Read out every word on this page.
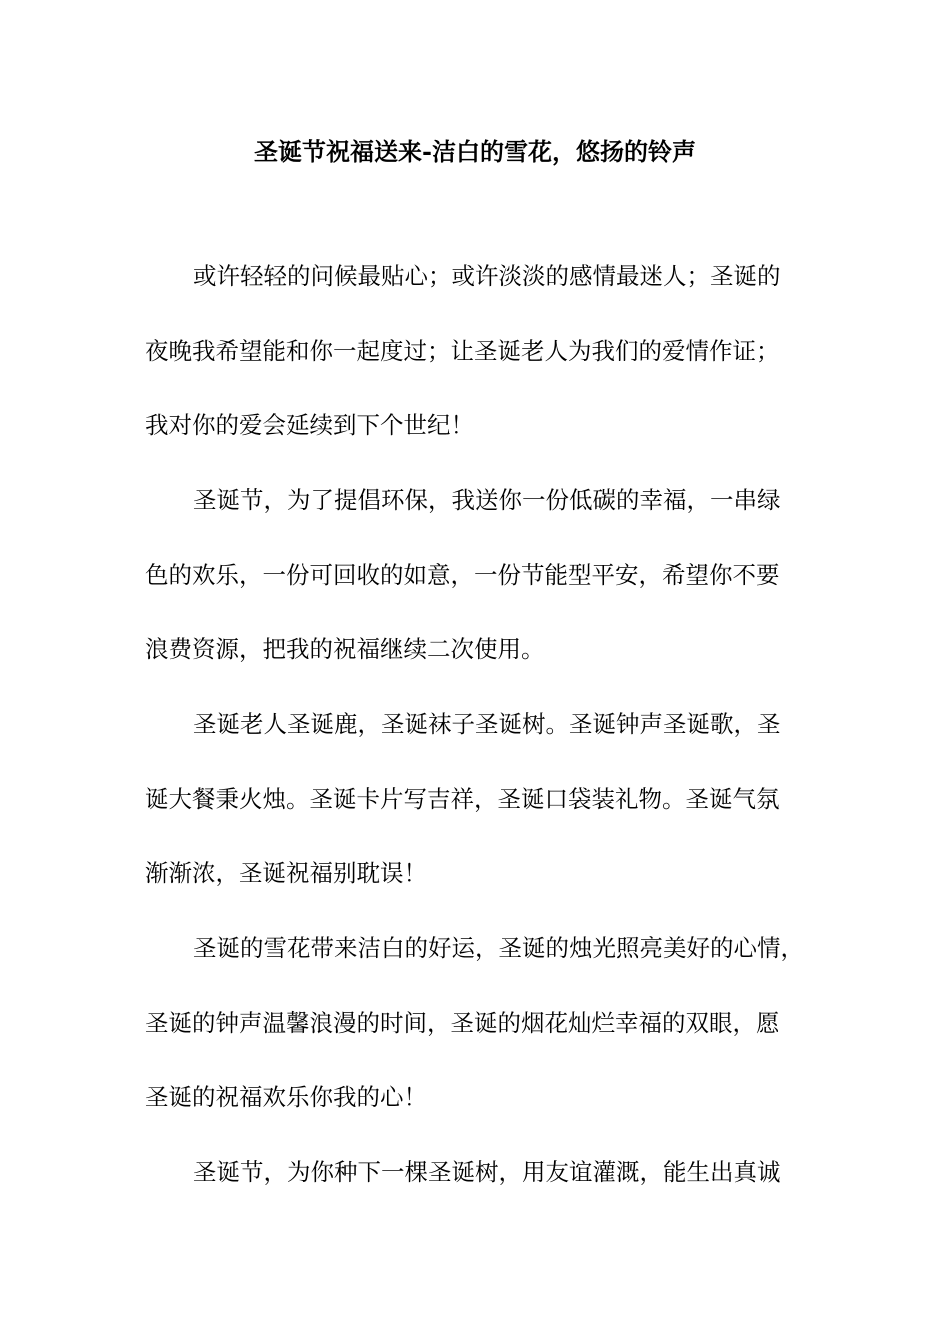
圣诞节祝福送来-洁白的雪花，悠扬的铃声
或许轻轻的问候最贴心；或许淡淡的感情最迷人；圣诞的
夜晚我希望能和你一起度过；让圣诞老人为我们的爱情作证；
我对你的爱会延续到下个世纪！
圣诞节，为了提倡环保，我送你一份低碳的幸福，一串绿
色的欢乐，一份可回收的如意，一份节能型平安，希望你不要
浪费资源，把我的祝福继续二次使用。
圣诞老人圣诞鹿，圣诞袜子圣诞树。圣诞钟声圣诞歌，圣
诞大餐秉火烛。圣诞卡片写吉祥，圣诞口袋装礼物。圣诞气氛
渐渐浓，圣诞祝福别耽误！
圣诞的雪花带来洁白的好运，圣诞的烛光照亮美好的心情，
圣诞的钟声温馨浪漫的时间，圣诞的烟花灿烂幸福的双眼，愿
圣诞的祝福欢乐你我的心！
圣诞节，为你种下一棵圣诞树，用友谊灌溉，能生出真诚
